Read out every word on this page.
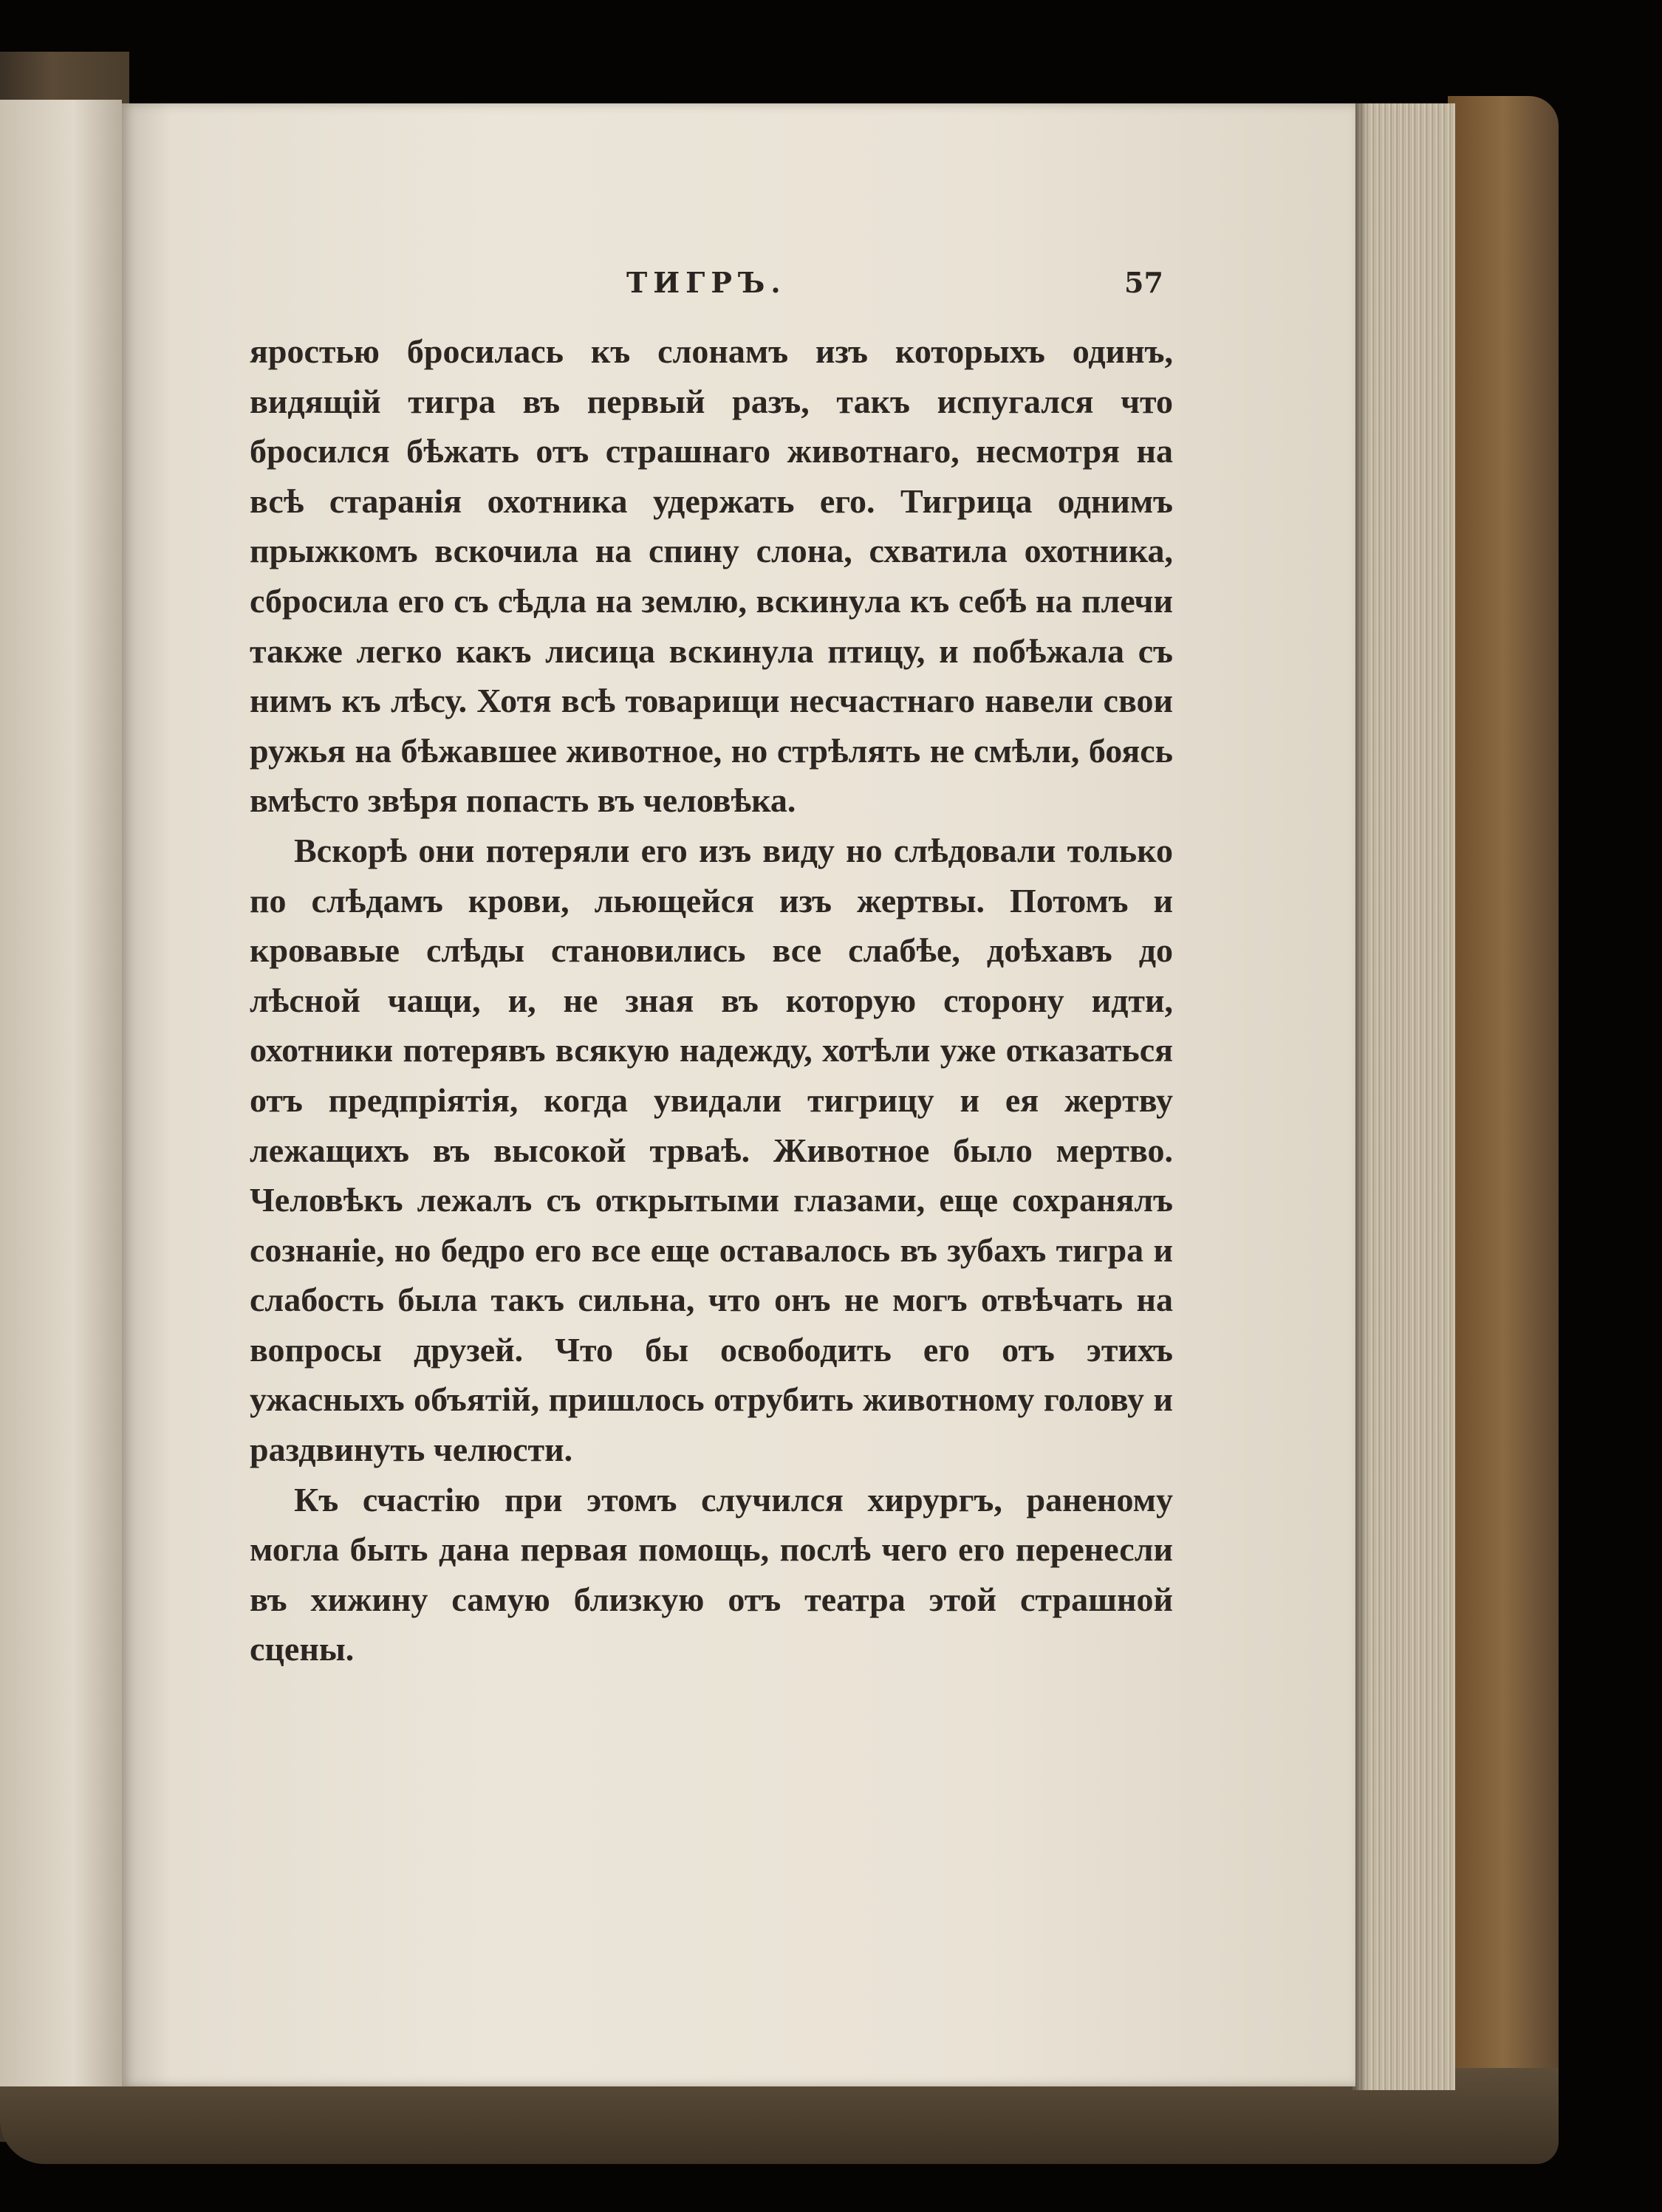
ТИГРЪ.	57

яростью бросилась къ слонамъ изъ которыхъ одинъ, видящій тигра въ первый разъ, такъ испугался что бросился бѣжать отъ страшнаго животнаго, несмотря на всѣ старанія охотника удержать его. Тигрица однимъ прыжкомъ вскочила на спину слона, схватила охотника, сбросила его съ сѣдла на землю, вскинула къ себѣ на плечи также легко какъ лисица вскинула птицу, и побѣжала съ нимъ къ лѣсу. Хотя всѣ товарищи несчастнаго навели свои ружья на бѣжавшее животное, но стрѣлять не смѣли, боясь вмѣсто звѣря попасть въ человѣка.

Вскорѣ они потеряли его изъ виду но слѣдовали только по слѣдамъ крови, льющейся изъ жертвы. Потомъ и кровавые слѣды становились все слабѣе, доѣхавъ до лѣсной чащи, и, не зная въ которую сторону идти, охотники потерявъ всякую надежду, хотѣли уже отказаться отъ предпріятія, когда увидали тигрицу и ея жертву лежащихъ въ высокой трвaѣ. Животное было мертво. Человѣкъ лежалъ съ открытыми глазами, еще сохранялъ сознаніе, но бедро его все еще оставалось въ зубахъ тигра и слабость была такъ сильна, что онъ не могъ отвѣчать на вопросы друзей. Что бы освободить его отъ этихъ ужасныхъ объятій, пришлось отрубить животному голову и раздвинуть челюсти.

Къ счастію при этомъ случился хирургъ, раненому могла быть дана первая помощь, послѣ чего его перенесли въ хижину самую близкую отъ театра этой страшной сцены.
